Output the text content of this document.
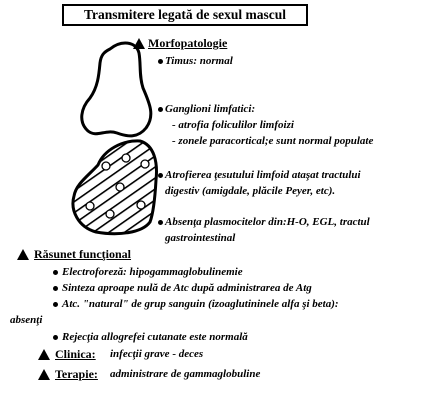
Transmitere legată de sexul mascul
Morfopatologie
Timus: normal
Ganglioni limfatici:
- atrofia foliculilor limfoizi
- zonele paracortical;e sunt normal populate
Atrofierea ţesutului limfoid ataşat tractului
digestiv (amigdale, plăcile Peyer, etc).
Absenţa plasmocitelor din:H-O, EGL, tractul
gastrointestinal
Răsunet funcţional
Electroforeză: hipogammaglobulinemie
Sinteza aproape nulă de Atc după administrarea de Atg
Atc. "natural" de grup sanguin (izoaglutininele alfa şi beta):
absenţi
Rejecţia allogrefei cutanate este normală
Clinica: infecţii grave - deces
Terapie: administrare de gammaglobuline
